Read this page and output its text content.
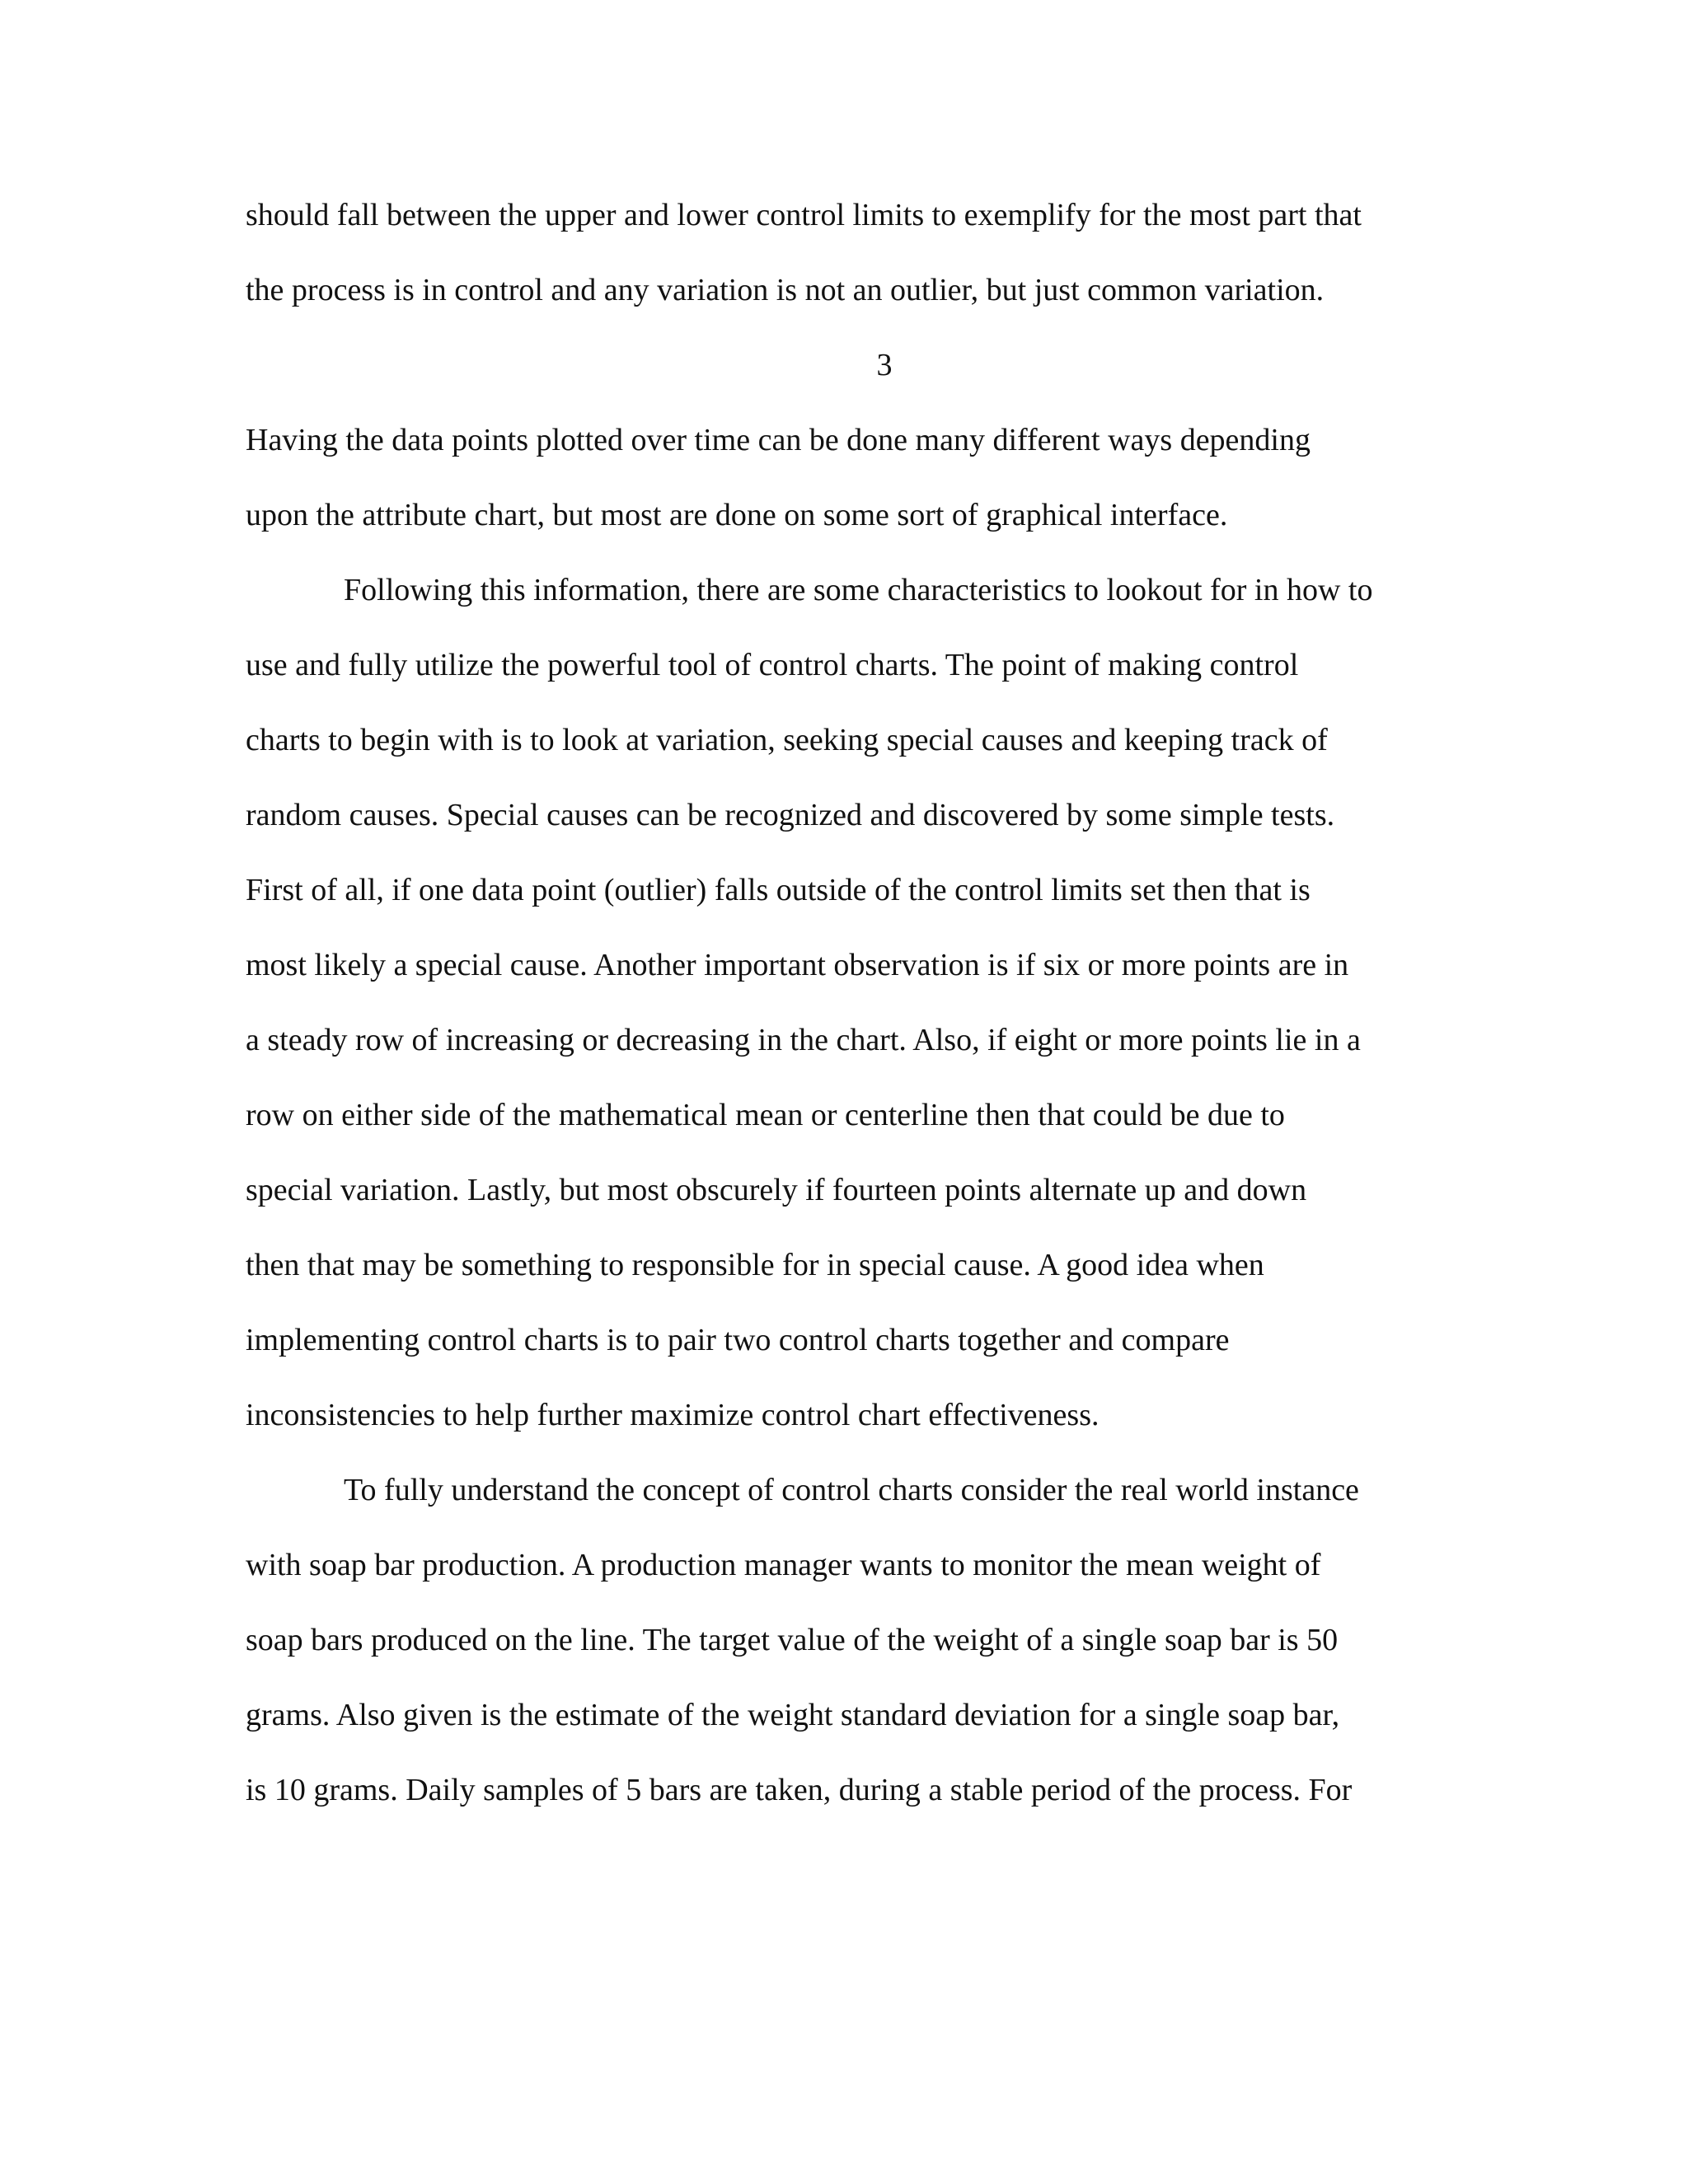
should fall between the upper and lower control limits to exemplify for the most part that

the process is in control and any variation is not an outlier, but just common variation.

3

Having the data points plotted over time can be done many different ways depending

upon the attribute chart, but most are done on some sort of graphical interface.

Following this information, there are some characteristics to lookout for in how to

use and fully utilize the powerful tool of control charts. The point of making control

charts to begin with is to look at variation, seeking special causes and keeping track of

random causes. Special causes can be recognized and discovered by some simple tests.

First of all, if one data point (outlier) falls outside of the control limits set then that is

most likely a special cause. Another important observation is if six or more points are in

a steady row of increasing or decreasing in the chart. Also, if eight or more points lie in a

row on either side of the mathematical mean or centerline then that could be due to

special variation. Lastly, but most obscurely if fourteen points alternate up and down

then that may be something to responsible for in special cause. A good idea when

implementing control charts is to pair two control charts together and compare

inconsistencies to help further maximize control chart effectiveness.

To fully understand the concept of control charts consider the real world instance

with soap bar production. A production manager wants to monitor the mean weight of

soap bars produced on the line. The target value of the weight of a single soap bar is 50

grams. Also given is the estimate of the weight standard deviation for a single soap bar,

is 10 grams. Daily samples of 5 bars are taken, during a stable period of the process. For
